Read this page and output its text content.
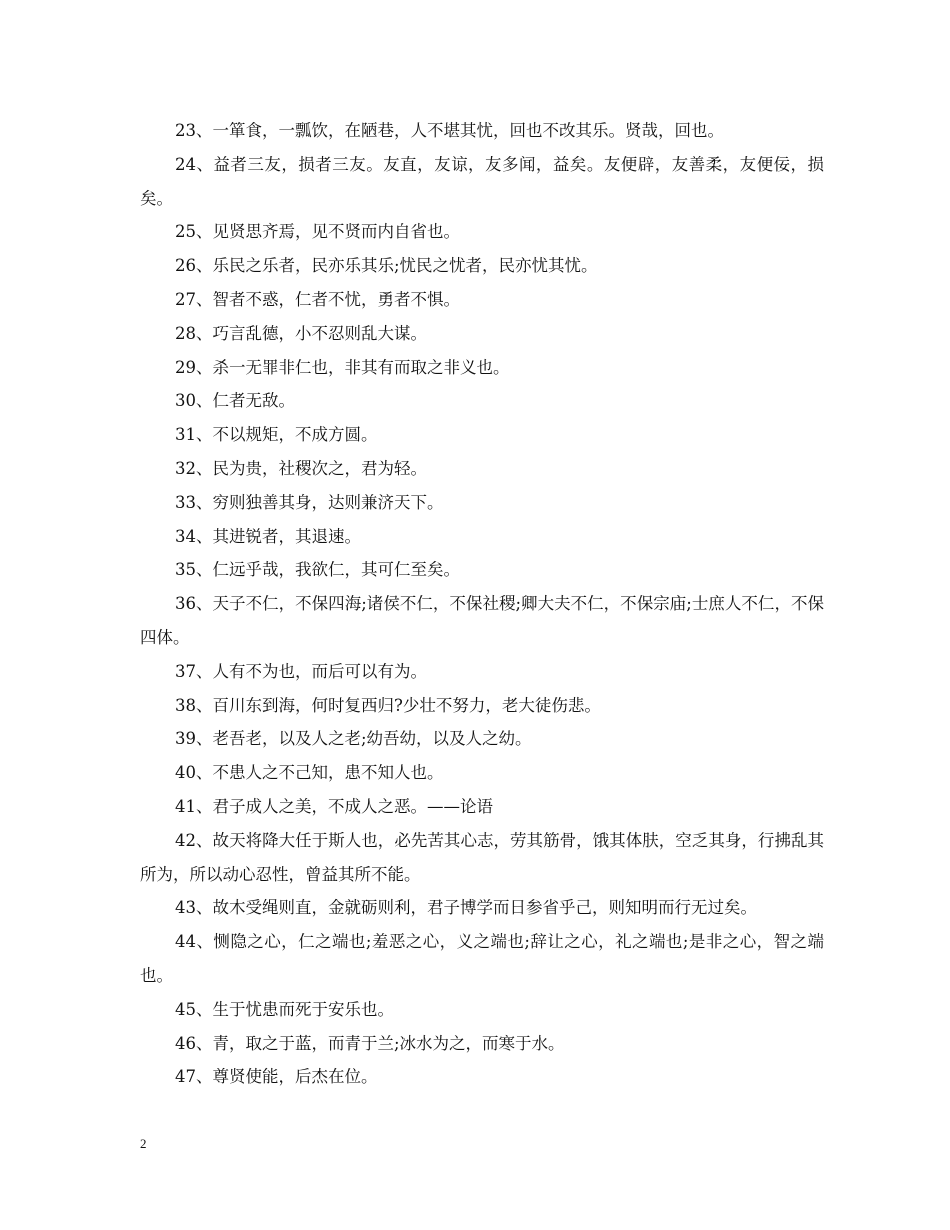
23、一箪食，一瓢饮，在陋巷，人不堪其忧，回也不改其乐。贤哉，回也。

24、益者三友，损者三友。友直，友谅，友多闻，益矣。友便辟，友善柔，友便佞，损矣。

25、见贤思齐焉，见不贤而内自省也。

26、乐民之乐者，民亦乐其乐;忧民之忧者，民亦忧其忧。

27、智者不惑，仁者不忧，勇者不惧。

28、巧言乱德，小不忍则乱大谋。

29、杀一无罪非仁也，非其有而取之非义也。

30、仁者无敌。

31、不以规矩，不成方圆。

32、民为贵，社稷次之，君为轻。

33、穷则独善其身，达则兼济天下。

34、其进锐者，其退速。

35、仁远乎哉，我欲仁，其可仁至矣。

36、天子不仁，不保四海;诸侯不仁，不保社稷;卿大夫不仁，不保宗庙;士庶人不仁，不保四体。

37、人有不为也，而后可以有为。

38、百川东到海，何时复西归?少壮不努力，老大徒伤悲。

39、老吾老，以及人之老;幼吾幼，以及人之幼。

40、不患人之不己知，患不知人也。

41、君子成人之美，不成人之恶。——论语

42、故天将降大任于斯人也，必先苦其心志，劳其筋骨，饿其体肤，空乏其身，行拂乱其所为，所以动心忍性，曾益其所不能。

43、故木受绳则直，金就砺则利，君子博学而日参省乎己，则知明而行无过矣。

44、恻隐之心，仁之端也;羞恶之心，义之端也;辞让之心，礼之端也;是非之心，智之端也。

45、生于忧患而死于安乐也。

46、青，取之于蓝，而青于兰;冰水为之，而寒于水。

47、尊贤使能，后杰在位。

2
